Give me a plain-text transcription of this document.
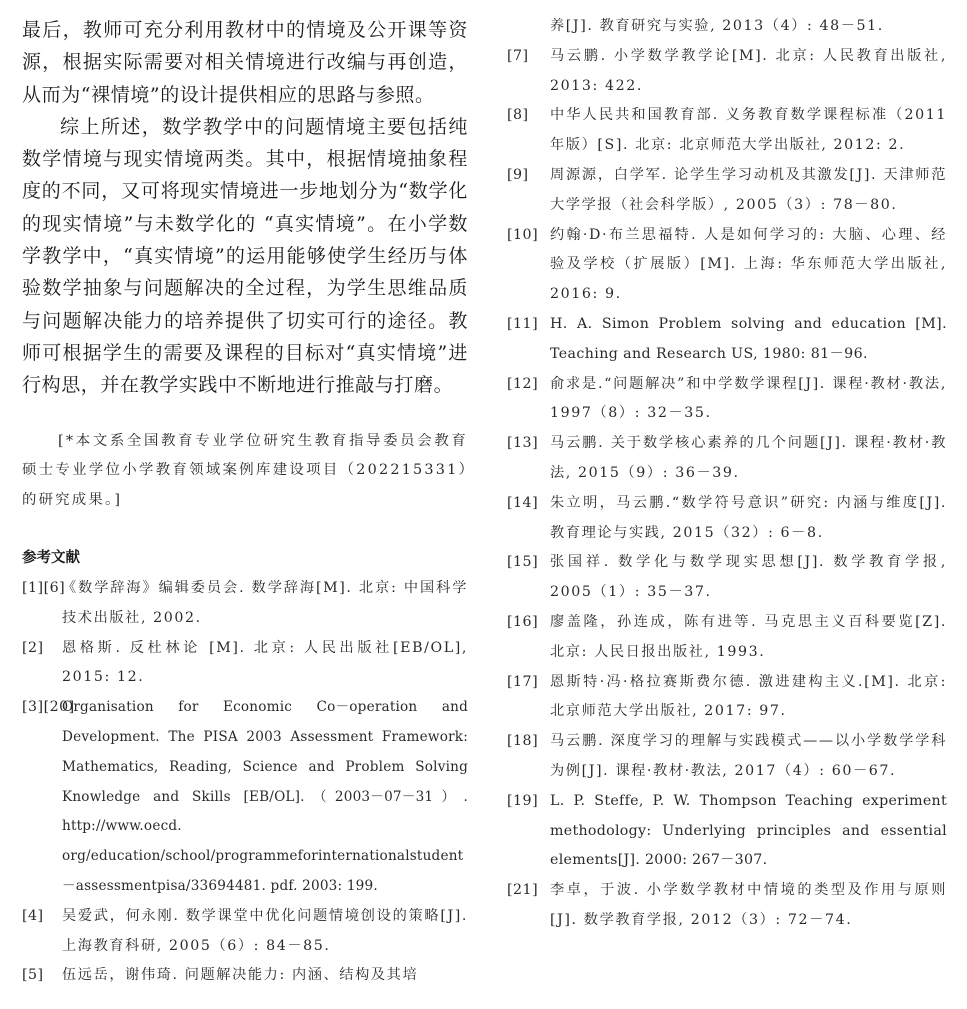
最后，教师可充分利用教材中的情境及公开课等资源，根据实际需要对相关情境进行改编与再创造，从而为“裸情境”的设计提供相应的思路与参照。

综上所述，数学教学中的问题情境主要包括纯数学情境与现实情境两类。其中，根据情境抽象程度的不同，又可将现实情境进一步地划分为“数学化的现实情境”与未数学化的 “真实情境”。在小学数学教学中，“真实情境”的运用能够使学生经历与体验数学抽象与问题解决的全过程，为学生思维品质与问题解决能力的培养提供了切实可行的途径。教师可根据学生的需要及课程的目标对“真实情境”进行构思，并在教学实践中不断地进行推敲与打磨。

[*本文系全国教育专业学位研究生教育指导委员会教育硕士专业学位小学教育领域案例库建设项目（202215331）的研究成果。]

参考文献

[1][6]
《数学辞海》编辑委员会. 数学辞海[M]. 北京: 中国科学技术出版社, 2002.

[2] 恩格斯. 反杜林论 [M]. 北京: 人民出版社[EB/OL], 2015: 12.

[3][20]
Organisation for Economic Co－operation and Development. The PISA 2003 Assessment Framework: Mathematics, Reading, Science and Problem Solving Knowledge and Skills [EB/OL].（2003－07－31）. http://www.oecd. org/education/school/programmeforinternationalstudent－assessmentpisa/33694481. pdf. 2003: 199.

[4] 吴爱武，何永刚. 数学课堂中优化问题情境创设的策略[J]. 上海教育科研, 2005（6）: 84－85.

[5] 伍远岳，谢伟琦. 问题解决能力: 内涵、结构及其培

养[J]. 教育研究与实验, 2013（4）: 48－51.

[7] 马云鹏. 小学数学教学论[M]. 北京: 人民教育出版社, 2013: 422.

[8] 中华人民共和国教育部. 义务教育数学课程标准（2011 年版）[S]. 北京: 北京师范大学出版社, 2012: 2.

[9] 周源源，白学军. 论学生学习动机及其激发[J]. 天津师范大学学报（社会科学版）, 2005（3）: 78－80.

[10] 约翰·D·布兰思福特. 人是如何学习的: 大脑、心理、经验及学校（扩展版）[M]. 上海: 华东师范大学出版社, 2016: 9.

[11] H. A. Simon Problem solving and education [M]. Teaching and Research US, 1980: 81－96.

[12] 俞求是.“问题解决”和中学数学课程[J]. 课程·教材·教法, 1997（8）: 32－35.

[13] 马云鹏. 关于数学核心素养的几个问题[J]. 课程·教材·教法, 2015（9）: 36－39.

[14] 朱立明，马云鹏.“数学符号意识”研究: 内涵与维度[J]. 教育理论与实践, 2015（32）: 6－8.

[15] 张国祥. 数学化与数学现实思想[J]. 数学教育学报, 2005（1）: 35－37.

[16] 廖盖隆，孙连成，陈有进等. 马克思主义百科要览[Z]. 北京: 人民日报出版社, 1993.

[17] 恩斯特·冯·格拉赛斯费尔德. 激进建构主义.[M]. 北京: 北京师范大学出版社, 2017: 97.

[18] 马云鹏. 深度学习的理解与实践模式——以小学数学学科为例[J]. 课程·教材·教法, 2017（4）: 60－67.

[19] L. P. Steffe, P. W. Thompson Teaching experiment methodology: Underlying principles and essential elements[J]. 2000: 267－307.

[21] 李卓，于波. 小学数学教材中情境的类型及作用与原则[J]. 数学教育学报, 2012（3）: 72－74.
